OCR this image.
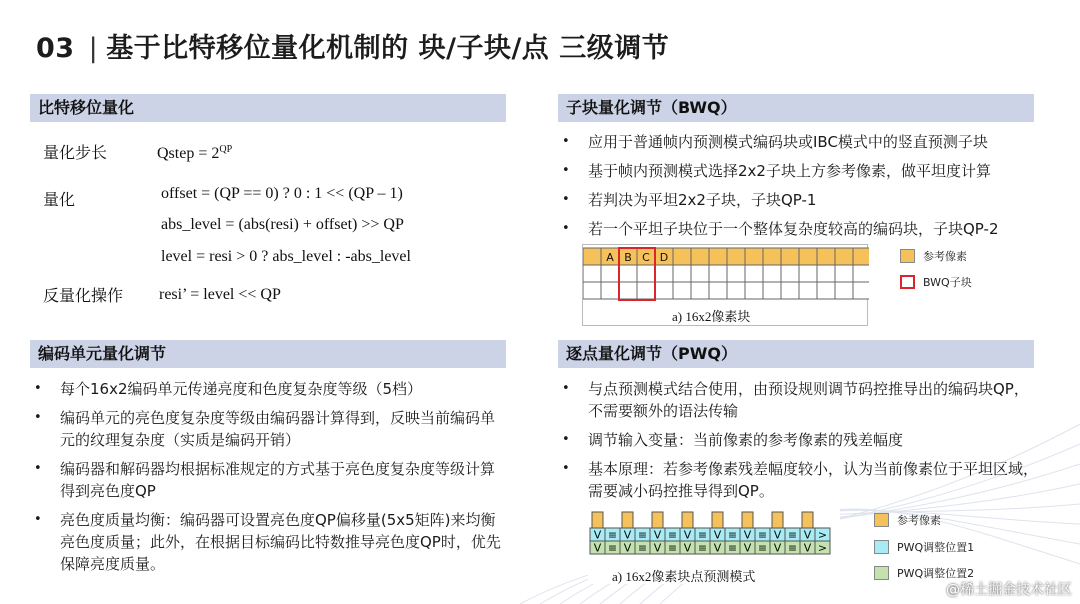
03 | 基于比特移位量化机制的 块/子块/点 三级调节
比特移位量化
量化步长	Qstep = $2^{QP}$
量化	offset = (QP == 0) ? 0 : 1 << (QP – 1)
abs_level = (abs(resi) + offset) >> QP
level = resi > 0 ? abs_level : -abs_level
反量化操作 resi’ = level << QP
编码单元量化调节
• 每个16x2编码单元传递亮度和色度复杂度等级（5档）
• 编码单元的亮色度复杂度等级由编码器计算得到，反映当前编码单元的纹理复杂度（实质是编码开销）
• 编码器和解码器均根据标准规定的方式基于亮色度复杂度等级计算得到亮色度QP
• 亮色度质量均衡：编码器可设置亮色度QP偏移量(5x5矩阵)来均衡亮色度质量；此外，在根据目标编码比特数推导亮色度QP时，优先保障亮度质量。
子块量化调节（BWQ）
• 应用于普通帧内预测模式编码块或IBC模式中的竖直预测子块
• 基于帧内预测模式选择2x2子块上方参考像素，做平坦度计算
• 若判决为平坦2x2子块，子块QP-1
• 若一个平坦子块位于一个整体复杂度较高的编码块，子块QP-2
A B C D
a) 16x2像素块
参考像素
BWQ子块
逐点量化调节（PWQ）
• 与点预测模式结合使用，由预设规则调节码控推导出的编码块QP，不需要额外的语法传输
• 调节输入变量：当前像素的参考像素的残差幅度
• 基本原理：若参考像素残差幅度较小，认为当前像素位于平坦区域，需要减小码控推导得到QP。
V ≡ V ≡ V ≡ V ≡ V ≡ V ≡ V ≡ V >
V ≡ V ≡ V ≡ V ≡ V ≡ V ≡ V ≡ V >
a) 16x2像素块点预测模式
参考像素
PWQ调整位置1
PWQ调整位置2
@稀土掘金技术社区
